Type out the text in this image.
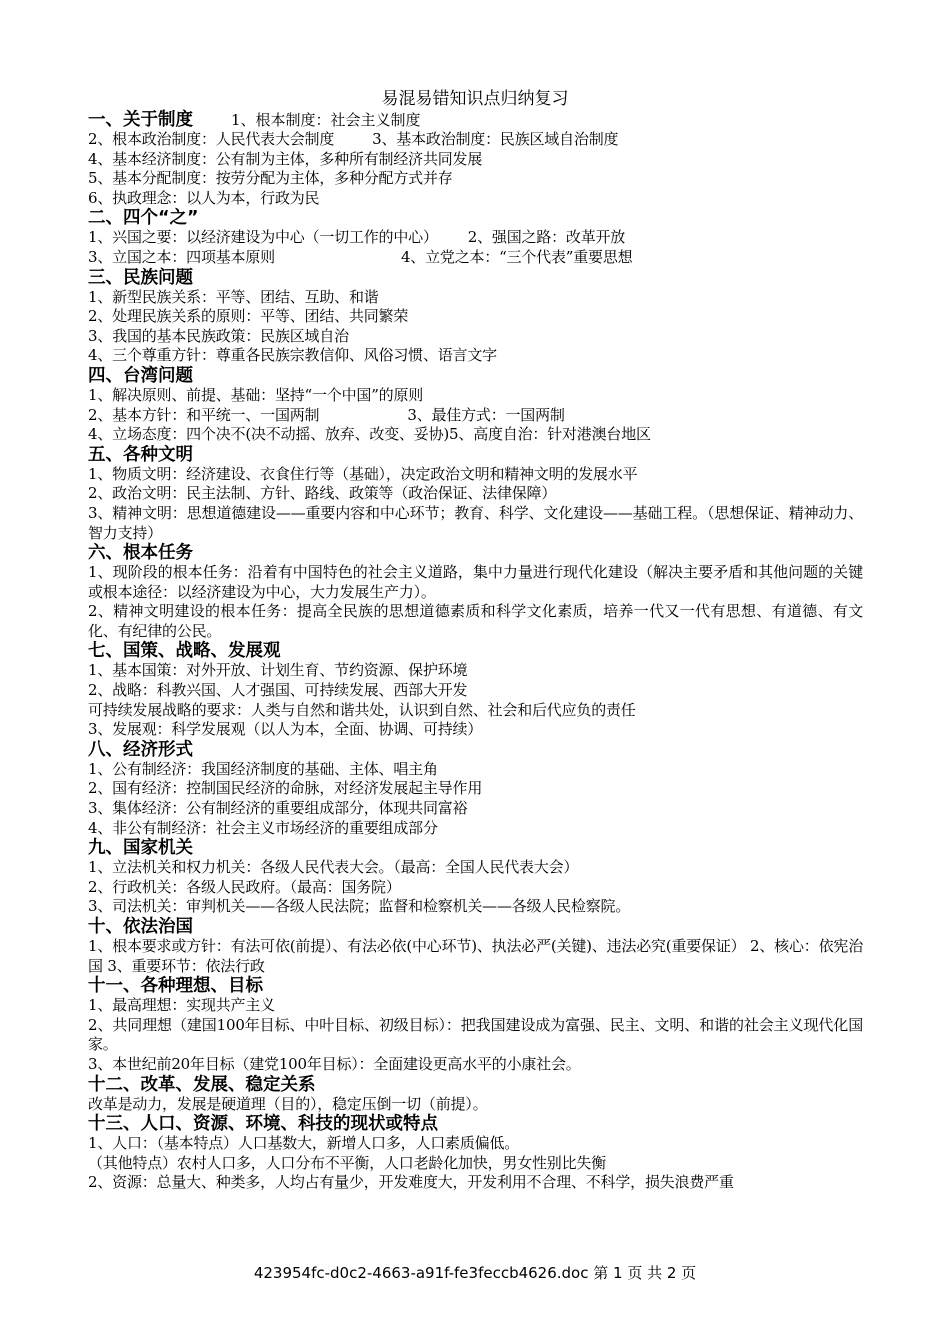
易混易错知识点归纳复习
一、关于制度	1、根本制度：社会主义制度
2、根本政治制度：人民代表大会制度	3、基本政治制度：民族区域自治制度
4、基本经济制度：公有制为主体，多种所有制经济共同发展
5、基本分配制度：按劳分配为主体，多种分配方式并存
6、执政理念：以人为本，行政为民
二、四个“之”
1、兴国之要：以经济建设为中心（一切工作的中心） 2、强国之路：改革开放
3、立国之本：四项基本原则	4、立党之本：“三个代表”重要思想
三、民族问题
1、新型民族关系：平等、团结、互助、和谐
2、处理民族关系的原则：平等、团结、共同繁荣
3、我国的基本民族政策：民族区域自治
4、三个尊重方针：尊重各民族宗教信仰、风俗习惯、语言文字
四、台湾问题
1、解决原则、前提、基础：坚持“一个中国”的原则
2、基本方针：和平统一、一国两制	3、最佳方式：一国两制
4、立场态度：四个决不(决不动摇、放弃、改变、妥协)5、高度自治：针对港澳台地区
五、各种文明
1、物质文明：经济建设、衣食住行等（基础），决定政治文明和精神文明的发展水平
2、政治文明：民主法制、方针、路线、政策等（政治保证、法律保障）
3、精神文明：思想道德建设——重要内容和中心环节；教育、科学、文化建设——基础工程。（思想保证、精神动力、智力支持）
六、根本任务
1、现阶段的根本任务：沿着有中国特色的社会主义道路，集中力量进行现代化建设（解决主要矛盾和其他问题的关键或根本途径：以经济建设为中心，大力发展生产力）。
2、精神文明建设的根本任务：提高全民族的思想道德素质和科学文化素质，培养一代又一代有思想、有道德、有文化、有纪律的公民。
七、国策、战略、发展观
1、基本国策：对外开放、计划生育、节约资源、保护环境
2、战略：科教兴国、人才强国、可持续发展、西部大开发
可持续发展战略的要求：人类与自然和谐共处，认识到自然、社会和后代应负的责任
3、发展观：科学发展观（以人为本，全面、协调、可持续）
八、经济形式
1、公有制经济：我国经济制度的基础、主体、唱主角
2、国有经济：控制国民经济的命脉，对经济发展起主导作用
3、集体经济：公有制经济的重要组成部分，体现共同富裕
4、非公有制经济：社会主义市场经济的重要组成部分
九、国家机关
1、立法机关和权力机关：各级人民代表大会。（最高：全国人民代表大会）
2、行政机关：各级人民政府。（最高：国务院）
3、司法机关：审判机关——各级人民法院；监督和检察机关——各级人民检察院。
十、依法治国
1、根本要求或方针：有法可依(前提）、有法必依(中心环节)、执法必严(关键)、违法必究(重要保证） 2、核心：依宪治国 3、重要环节：依法行政
十一、各种理想、目标
1、最高理想：实现共产主义
2、共同理想（建国100年目标、中叶目标、初级目标）：把我国建设成为富强、民主、文明、和谐的社会主义现代化国家。
3、本世纪前20年目标（建党100年目标）：全面建设更高水平的小康社会。
十二、改革、发展、稳定关系
改革是动力，发展是硬道理（目的），稳定压倒一切（前提）。
十三、人口、资源、环境、科技的现状或特点
1、人口：（基本特点）人口基数大，新增人口多，人口素质偏低。
（其他特点）农村人口多，人口分布不平衡，人口老龄化加快，男女性别比失衡
2、资源：总量大、种类多，人均占有量少，开发难度大，开发利用不合理、不科学，损失浪费严重
423954fc-d0c2-4663-a91f-fe3feccb4626.doc 第 1 页 共 2 页
